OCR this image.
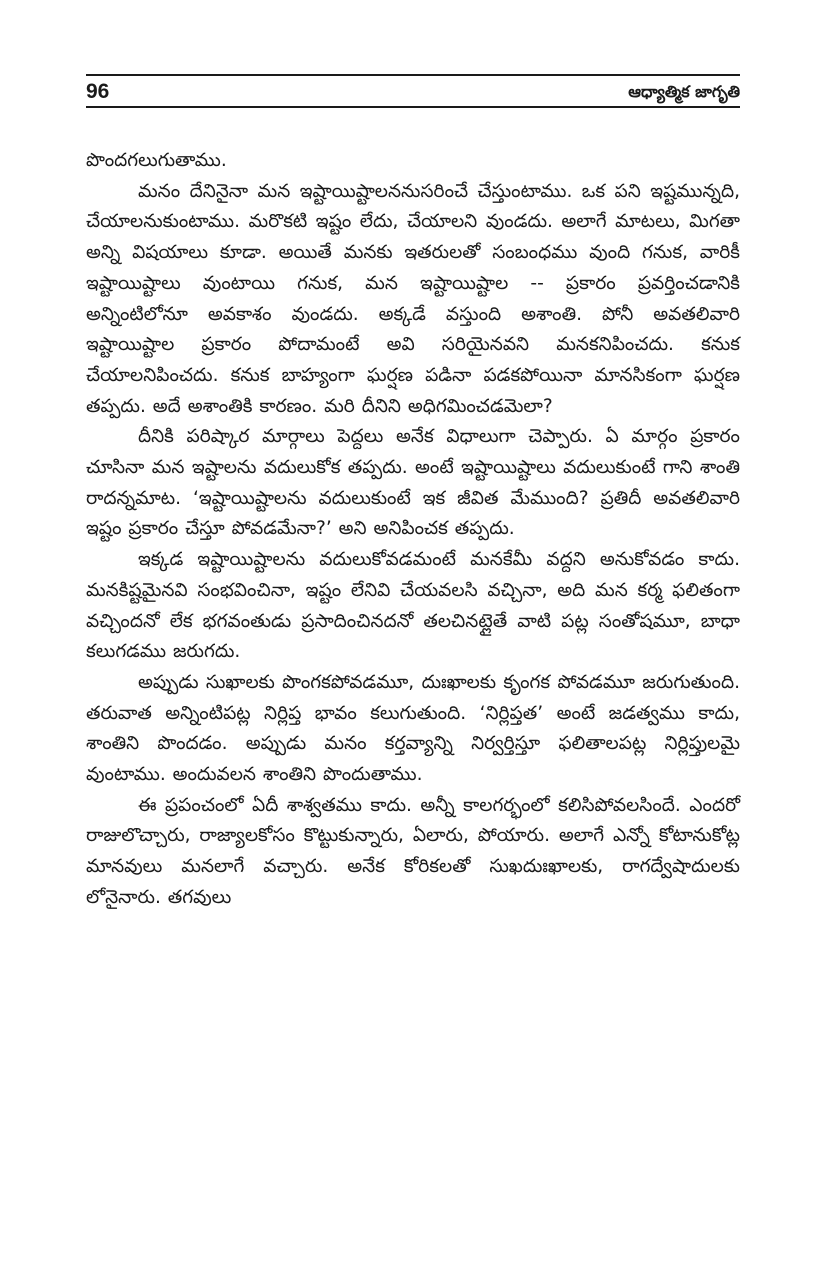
96	ఆధ్యాత్మిక జాగృతి

పొందగలుగుతాము.

మనం దేనినైనా మన ఇష్టాయిష్టాలననుసరించే చేస్తుంటాము. ఒక పని ఇష్టమున్నది, చేయాలనుకుంటాము. మరొకటి ఇష్టం లేదు, చేయాలని వుండదు. అలాగే మాటలు, మిగతా అన్ని విషయాలు కూడా. అయితే మనకు ఇతరులతో సంబంధము వుంది గనుక, వారికీ ఇష్టాయిష్టాలు వుంటాయి గనుక, మన ఇష్టాయిష్టాల -- ప్రకారం ప్రవర్తించడానికి అన్నింటిలోనూ అవకాశం వుండదు. అక్కడే వస్తుంది అశాంతి. పోనీ అవతలివారి ఇష్టాయిష్టాల ప్రకారం పోదామంటే అవి సరియైనవని మనకనిపించదు. కనుక చేయాలనిపించదు. కనుక బాహ్యంగా ఘర్షణ పడినా పడకపోయినా మానసికంగా ఘర్షణ తప్పదు. అదే అశాంతికి కారణం. మరి దీనిని అధిగమించడమెలా?

దీనికి పరిష్కార మార్గాలు పెద్దలు అనేక విధాలుగా చెప్పారు. ఏ మార్గం ప్రకారం చూసినా మన ఇష్టాలను వదులుకోక తప్పదు. అంటే ఇష్టాయిష్టాలు వదులుకుంటే గాని శాంతి రాదన్నమాట. ‘ఇష్టాయిష్టాలను వదులుకుంటే ఇక జీవిత మేముంది? ప్రతిదీ అవతలివారి ఇష్టం ప్రకారం చేస్తూ పోవడమేనా?’ అని అనిపించక తప్పదు.

ఇక్కడ ఇష్టాయిష్టాలను వదులుకోవడమంటే మనకేమీ వద్దని అనుకోవడం కాదు. మనకిష్టమైనవి సంభవించినా, ఇష్టం లేనివి చేయవలసి వచ్చినా, అది మన కర్మ ఫలితంగా వచ్చిందనో లేక భగవంతుడు ప్రసాదించినదనో తలచినట్లైతే వాటి పట్ల సంతోషమూ, బాధా కలుగడము జరుగదు.

అప్పుడు సుఖాలకు పొంగకపోవడమూ, దుఃఖాలకు కృంగక పోవడమూ జరుగుతుంది. తరువాత అన్నింటిపట్ల నిర్లిప్త భావం కలుగుతుంది. ‘నిర్లిప్తత’ అంటే జడత్వము కాదు, శాంతిని పొందడం. అప్పుడు మనం కర్తవ్యాన్ని నిర్వర్తిస్తూ ఫలితాలపట్ల నిర్లిప్తులమై వుంటాము. అందువలన శాంతిని పొందుతాము.

ఈ ప్రపంచంలో ఏదీ శాశ్వతము కాదు. అన్నీ కాలగర్భంలో కలిసిపోవలసిందే. ఎందరో రాజులొచ్చారు, రాజ్యాలకోసం కొట్టుకున్నారు, ఏలారు, పోయారు. అలాగే ఎన్నో కోటానుకోట్ల మానవులు మనలాగే వచ్చారు. అనేక కోరికలతో సుఖదుఃఖాలకు, రాగద్వేషాదులకు లోనైనారు. తగవులు
